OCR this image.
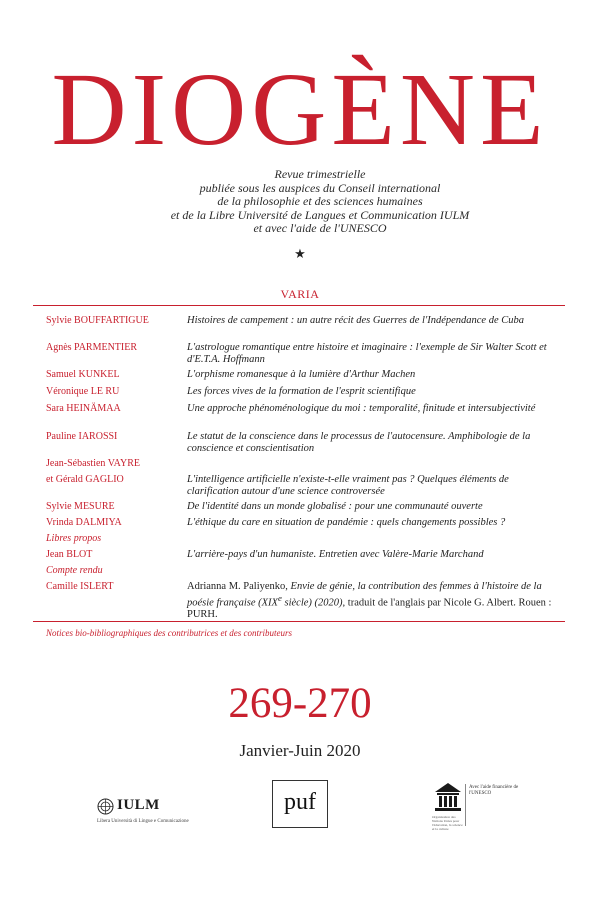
DIOGÈNE
Revue trimestrielle
publiée sous les auspices du Conseil international
de la philosophie et des sciences humaines
et de la Libre Université de Langues et Communication IULM
et avec l'aide de l'UNESCO
★
VARIA
Sylvie BOUFFARTIGUE	Histoires de campement : un autre récit des Guerres de l'Indépendance de Cuba
Agnès PARMENTIER	L'astrologue romantique entre histoire et imaginaire : l'exemple de Sir Walter Scott et d'E.T.A. Hoffmann
Samuel KUNKEL	L'orphisme romanesque à la lumière d'Arthur Machen
Véronique LE RU	Les forces vives de la formation de l'esprit scientifique
Sara HEINÄMAA	Une approche phénoménologique du moi : temporalité, finitude et intersubjectivité
Pauline IAROSSI	Le statut de la conscience dans le processus de l'autocensure. Amphibologie de la conscience et conscientisation
Jean-Sébastien VAYRE
et Gérald GAGLIO	L'intelligence artificielle n'existe-t-elle vraiment pas ? Quelques éléments de clarification autour d'une science controversée
Sylvie MESURE	De l'identité dans un monde globalisé : pour une communauté ouverte
Vrinda DALMIYA	L'éthique du care en situation de pandémie : quels changements possibles ?
Libres propos
Jean BLOT	L'arrière-pays d'un humaniste. Entretien avec Valère-Marie Marchand
Compte rendu
Camille ISLERT	Adrianna M. Paliyenko, Envie de génie, la contribution des femmes à l'histoire de la poésie française (XIXe siècle) (2020), traduit de l'anglais par Nicole G. Albert. Rouen : PURH.
Notices bio-bibliographiques des contributrices et des contributeurs
269-270
Janvier-Juin 2020
IULM
Libera Università di Lingue e Comunicazione
puf
Organisation des Nations Unies pour l'éducation, la science et la culture
Avec l'aide financière de
l'UNESCO
